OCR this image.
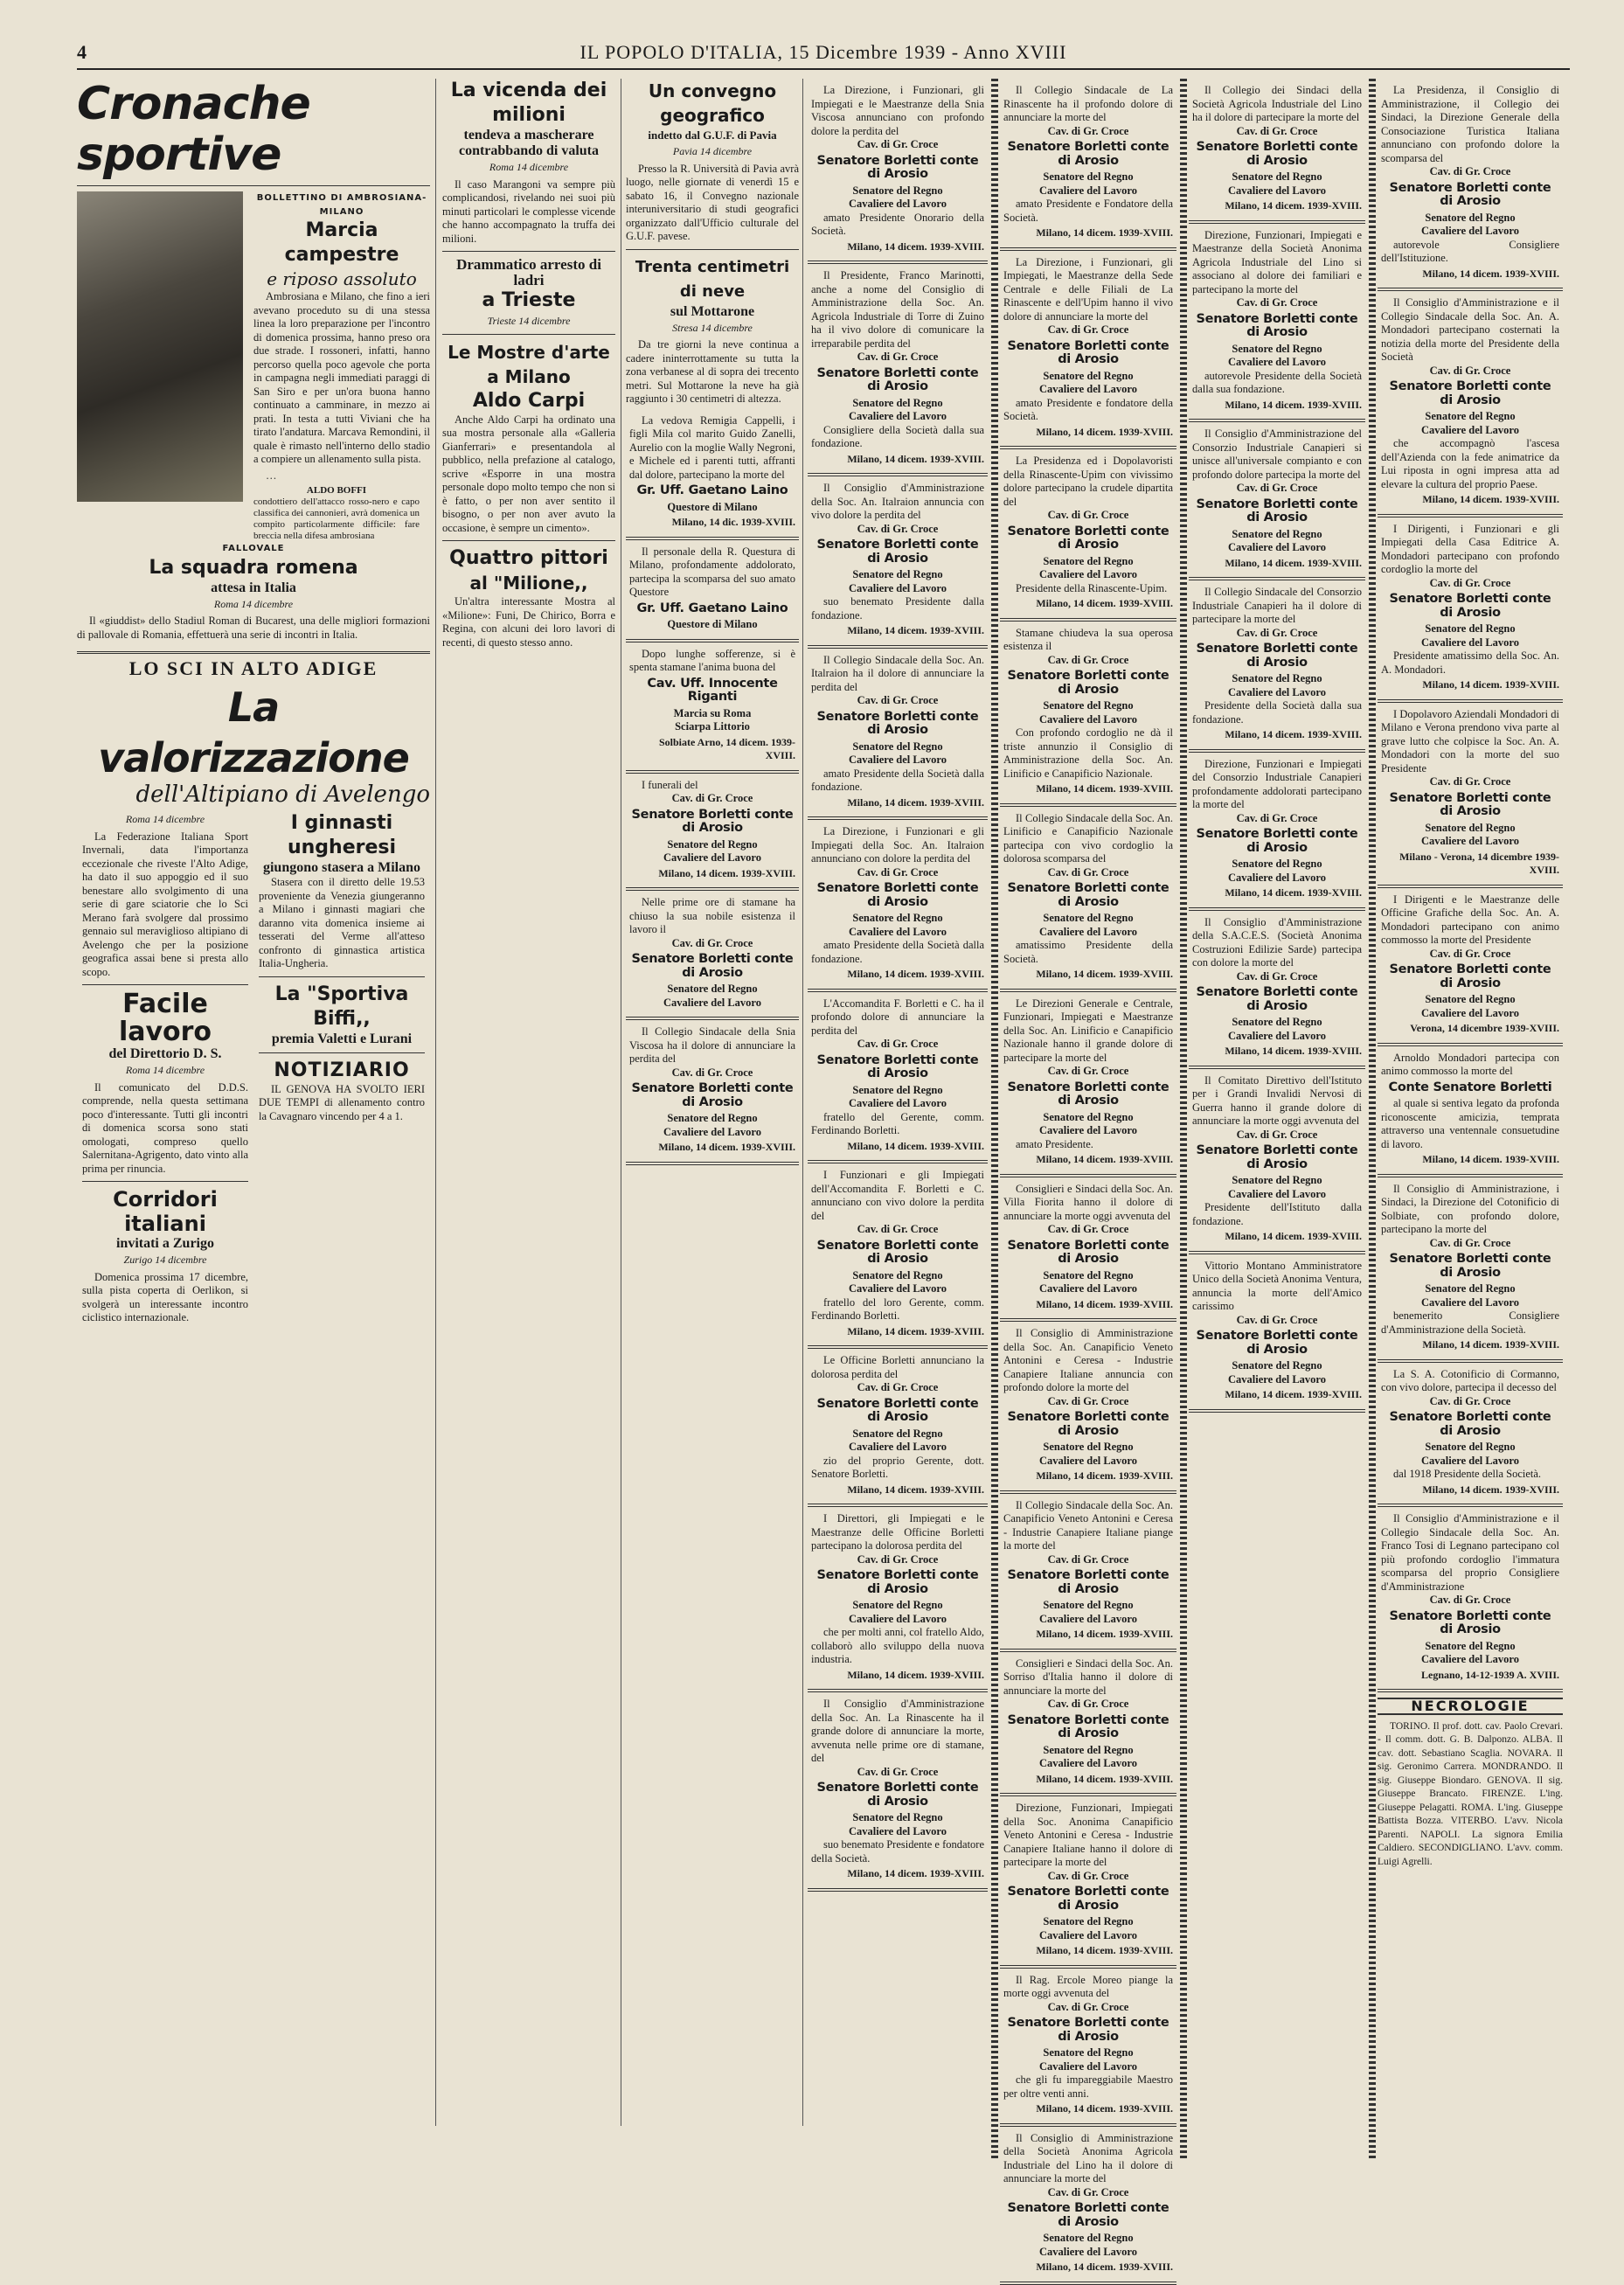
4	IL POPOLO D'ITALIA, 15 Dicembre 1939 - Anno XVIII
Cronache sportive
BOLLETTINO DI AMBROSIANA-MILANO
Marcia campestre
e riposo assoluto

Ambrosiana e Milano, che fino a ieri avevano proceduto su di una stessa linea la loro preparazione per l'incontro di domenica prossima, hanno preso ora due strade. I rossoneri, infatti, hanno percorso quella poco agevole che porta in campagna negli immediati paraggi di San Siro e per un'ora buona hanno continuato a camminare, in mezzo ai prati. In testa a tutti Viviani che ha tirato l'andatura. Marcava Remondini, il quale è rimasto nell'interno dello stadio a compiere un allenamento sulla pista.

…

ALDO BOFFI
condottiero dell'attacco rosso-nero e capo classifica dei cannonieri, avrà domenica un compito particolarmente difficile: fare breccia nella difesa ambrosiana
FALLOVALE
La squadra romena
attesa in Italia
Roma 14 dicembre

Il «giuddist» dello Stadiul Roman di Bucarest, una delle migliori formazioni di pallovale di Romania, effettuerà una serie di incontri in Italia.

LO SCI IN ALTO ADIGE
La valorizzazione
dell'Altipiano di Avelengo
Roma 14 dicembre

La Federazione Italiana Sport Invernali, data l'importanza eccezionale che riveste l'Alto Adige, ha dato il suo appoggio ed il suo benestare allo svolgimento di una serie di gare sciatorie che lo Sci Merano farà svolgere dal prossimo gennaio sul meraviglioso altipiano di Avelengo che per la posizione geografica assai bene si presta allo scopo.

Facile lavoro
del Direttorio D. S.
Roma 14 dicembre

Il comunicato del D.D.S. comprende, nella questa settimana poco d'interessante. Tutti gli incontri di domenica scorsa sono stati omologati, compreso quello Salernitana-Agrigento, dato vinto alla prima per rinuncia.

Corridori italiani
invitati a Zurigo
Zurigo 14 dicembre

Domenica prossima 17 dicembre, sulla pista coperta di Oerlikon, si svolgerà un interessante incontro ciclistico internazionale.

I ginnasti ungheresi
giungono stasera a Milano

Stasera con il diretto delle 19.53 proveniente da Venezia giungeranno a Milano i ginnasti magiari che daranno vita domenica insieme ai tesserati del Verme all'atteso confronto di ginnastica artistica Italia-Ungheria.

La "Sportiva Biffi,,
premia Valetti e Lurani
NOTIZIARIO

IL GENOVA HA SVOLTO IERI DUE TEMPI di allenamento contro la Cavagnaro vincendo per 4 a 1.

La vicenda dei milioni
tendeva a mascherare
contrabbando di valuta
Roma 14 dicembre

Il caso Marangoni va sempre più complicandosi, rivelando nei suoi più minuti particolari le complesse vicende che hanno accompagnato la truffa dei milioni.

Drammatico arresto di ladri
a Trieste
Trieste 14 dicembre
Le Mostre d'arte a Milano
Aldo Carpi

Anche Aldo Carpi ha ordinato una sua mostra personale alla «Galleria Gianferrari» e presentandola al pubblico, nella prefazione al catalogo, scrive «Esporre in una mostra personale dopo molto tempo che non si è fatto, o per non aver sentito il bisogno, o per non aver avuto la occasione, è sempre un cimento».

Quattro pittori
al "Milione,,

Un'altra interessante Mostra al «Milione»: Funi, De Chirico, Borra e Regina, con alcuni dei loro lavori di recenti, di questo stesso anno.

Un convegno geografico
indetto dal G.U.F. di Pavia
Pavia 14 dicembre

Presso la R. Università di Pavia avrà luogo, nelle giornate di venerdì 15 e sabato 16, il Convegno nazionale interuniversitario di studi geografici organizzato dall'Ufficio culturale del G.U.F. pavese.

Trenta centimetri di neve
sul Mottarone
Stresa 14 dicembre

Da tre giorni la neve continua a cadere ininterrottamente su tutta la zona verbanese al di sopra dei trecento metri. Sul Mottarone la neve ha già raggiunto i 30 centimetri di altezza.

La vedova Remigia Cappelli, i figli Mila col marito Guido Zanelli, Aurelio con la moglie Wally Negroni, e Michele ed i parenti tutti, affranti dal dolore, partecipano la morte del

Gr. Uff. Gaetano Laino
Questore di Milano
Milano, 14 dic. 1939-XVIII.

Il personale della R. Questura di Milano, profondamente addolorato, partecipa la scomparsa del suo amato Questore

Gr. Uff. Gaetano Laino
Questore di Milano

Dopo lunghe sofferenze, si è spenta stamane l'anima buona del

Cav. Uff. Innocente Riganti
Marcia su Roma
Sciarpa Littorio
Solbiate Arno, 14 dicem. 1939-XVIII.

I funerali del

Cav. di Gr. Croce
Senatore Borletti conte di Arosio
Senatore del Regno
Cavaliere del Lavoro
Milano, 14 dicem. 1939-XVIII.

Nelle prime ore di stamane ha chiuso la sua nobile esistenza il lavoro il

Cav. di Gr. Croce
Senatore Borletti conte di Arosio
Senatore del Regno
Cavaliere del Lavoro

Il Collegio Sindacale della Snia Viscosa ha il dolore di annunciare la perdita del

Cav. di Gr. Croce
Senatore Borletti conte di Arosio
Senatore del Regno
Cavaliere del Lavoro
Milano, 14 dicem. 1939-XVIII.

La Direzione, i Funzionari, gli Impiegati e le Maestranze della Snia Viscosa annunciano con profondo dolore la perdita del

Cav. di Gr. Croce
Senatore Borletti conte di Arosio
Senatore del Regno
Cavaliere del Lavoro

amato Presidente Onorario della Società.

Milano, 14 dicem. 1939-XVIII.

Il Presidente, Franco Marinotti, anche a nome del Consiglio di Amministrazione della Soc. An. Agricola Industriale di Torre di Zuino ha il vivo dolore di comunicare la irreparabile perdita del

Cav. di Gr. Croce
Senatore Borletti conte di Arosio
Senatore del Regno
Cavaliere del Lavoro

Consigliere della Società dalla sua fondazione.

Milano, 14 dicem. 1939-XVIII.

Il Consiglio d'Amministrazione della Soc. An. Italraion annuncia con vivo dolore la perdita del

Cav. di Gr. Croce
Senatore Borletti conte di Arosio
Senatore del Regno
Cavaliere del Lavoro

suo benemato Presidente dalla fondazione.

Milano, 14 dicem. 1939-XVIII.

Il Collegio Sindacale della Soc. An. Italraion ha il dolore di annunciare la perdita del

Cav. di Gr. Croce
Senatore Borletti conte di Arosio
Senatore del Regno
Cavaliere del Lavoro

amato Presidente della Società dalla fondazione.

Milano, 14 dicem. 1939-XVIII.

La Direzione, i Funzionari e gli Impiegati della Soc. An. Italraion annunciano con dolore la perdita del

Cav. di Gr. Croce
Senatore Borletti conte di Arosio
Senatore del Regno
Cavaliere del Lavoro

amato Presidente della Società dalla fondazione.

Milano, 14 dicem. 1939-XVIII.

L'Accomandita F. Borletti e C. ha il profondo dolore di annunciare la perdita del

Cav. di Gr. Croce
Senatore Borletti conte di Arosio
Senatore del Regno
Cavaliere del Lavoro

fratello del Gerente, comm. Ferdinando Borletti.

Milano, 14 dicem. 1939-XVIII.

I Funzionari e gli Impiegati dell'Accomandita F. Borletti e C. annunciano con vivo dolore la perdita del

Cav. di Gr. Croce
Senatore Borletti conte di Arosio
Senatore del Regno
Cavaliere del Lavoro

fratello del loro Gerente, comm. Ferdinando Borletti.

Milano, 14 dicem. 1939-XVIII.

Le Officine Borletti annunciano la dolorosa perdita del

Cav. di Gr. Croce
Senatore Borletti conte di Arosio
Senatore del Regno
Cavaliere del Lavoro

zio del proprio Gerente, dott. Senatore Borletti.

Milano, 14 dicem. 1939-XVIII.

I Direttori, gli Impiegati e le Maestranze delle Officine Borletti partecipano la dolorosa perdita del

Cav. di Gr. Croce
Senatore Borletti conte di Arosio
Senatore del Regno
Cavaliere del Lavoro

che per molti anni, col fratello Aldo, collaborò allo sviluppo della nuova industria.

Milano, 14 dicem. 1939-XVIII.

Il Consiglio d'Amministrazione della Soc. An. La Rinascente ha il grande dolore di annunciare la morte, avvenuta nelle prime ore di stamane, del

Cav. di Gr. Croce
Senatore Borletti conte di Arosio
Senatore del Regno
Cavaliere del Lavoro

suo benemato Presidente e fondatore della Società.

Milano, 14 dicem. 1939-XVIII.

Il Collegio Sindacale de La Rinascente ha il profondo dolore di annunciare la morte del

Cav. di Gr. Croce
Senatore Borletti conte di Arosio
Senatore del Regno
Cavaliere del Lavoro

amato Presidente e Fondatore della Società.

Milano, 14 dicem. 1939-XVIII.

La Direzione, i Funzionari, gli Impiegati, le Maestranze della Sede Centrale e delle Filiali de La Rinascente e dell'Upim hanno il vivo dolore di annunciare la morte del

Cav. di Gr. Croce
Senatore Borletti conte di Arosio
Senatore del Regno
Cavaliere del Lavoro

amato Presidente e fondatore della Società.

Milano, 14 dicem. 1939-XVIII.

La Presidenza ed i Dopolavoristi della Rinascente-Upim con vivissimo dolore partecipano la crudele dipartita del

Cav. di Gr. Croce
Senatore Borletti conte di Arosio
Senatore del Regno
Cavaliere del Lavoro

Presidente della Rinascente-Upim.

Milano, 14 dicem. 1939-XVIII.

Stamane chiudeva la sua operosa esistenza il

Cav. di Gr. Croce
Senatore Borletti conte di Arosio
Senatore del Regno
Cavaliere del Lavoro

Con profondo cordoglio ne dà il triste annunzio il Consiglio di Amministrazione della Soc. An. Linificio e Canapificio Nazionale.

Milano, 14 dicem. 1939-XVIII.

Il Collegio Sindacale della Soc. An. Linificio e Canapificio Nazionale partecipa con vivo cordoglio la dolorosa scomparsa del

Cav. di Gr. Croce
Senatore Borletti conte di Arosio
Senatore del Regno
Cavaliere del Lavoro

amatissimo Presidente della Società.

Milano, 14 dicem. 1939-XVIII.

Le Direzioni Generale e Centrale, Funzionari, Impiegati e Maestranze della Soc. An. Linificio e Canapificio Nazionale hanno il grande dolore di partecipare la morte del

Cav. di Gr. Croce
Senatore Borletti conte di Arosio
Senatore del Regno
Cavaliere del Lavoro

amato Presidente.

Milano, 14 dicem. 1939-XVIII.

Consiglieri e Sindaci della Soc. An. Villa Fiorita hanno il dolore di annunciare la morte oggi avvenuta del

Cav. di Gr. Croce
Senatore Borletti conte di Arosio
Senatore del Regno
Cavaliere del Lavoro
Milano, 14 dicem. 1939-XVIII.

Il Consiglio di Amministrazione della Soc. An. Canapificio Veneto Antonini e Ceresa - Industrie Canapiere Italiane annuncia con profondo dolore la morte del

Cav. di Gr. Croce
Senatore Borletti conte di Arosio
Senatore del Regno
Cavaliere del Lavoro
Milano, 14 dicem. 1939-XVIII.

Il Collegio Sindacale della Soc. An. Canapificio Veneto Antonini e Ceresa - Industrie Canapiere Italiane piange la morte del

Cav. di Gr. Croce
Senatore Borletti conte di Arosio
Senatore del Regno
Cavaliere del Lavoro
Milano, 14 dicem. 1939-XVIII.

Consiglieri e Sindaci della Soc. An. Sorriso d'Italia hanno il dolore di annunciare la morte del

Cav. di Gr. Croce
Senatore Borletti conte di Arosio
Senatore del Regno
Cavaliere del Lavoro
Milano, 14 dicem. 1939-XVIII.

Direzione, Funzionari, Impiegati della Soc. Anonima Canapificio Veneto Antonini e Ceresa - Industrie Canapiere Italiane hanno il dolore di partecipare la morte del

Cav. di Gr. Croce
Senatore Borletti conte di Arosio
Senatore del Regno
Cavaliere del Lavoro
Milano, 14 dicem. 1939-XVIII.

Il Rag. Ercole Moreo piange la morte oggi avvenuta del

Cav. di Gr. Croce
Senatore Borletti conte di Arosio
Senatore del Regno
Cavaliere del Lavoro

che gli fu impareggiabile Maestro per oltre venti anni.

Milano, 14 dicem. 1939-XVIII.

Il Consiglio di Amministrazione della Società Anonima Agricola Industriale del Lino ha il dolore di annunciare la morte del

Cav. di Gr. Croce
Senatore Borletti conte di Arosio
Senatore del Regno
Cavaliere del Lavoro
Milano, 14 dicem. 1939-XVIII.

Il Collegio dei Sindaci della Società Agricola Industriale del Lino ha il dolore di partecipare la morte del

Cav. di Gr. Croce
Senatore Borletti conte di Arosio
Senatore del Regno
Cavaliere del Lavoro
Milano, 14 dicem. 1939-XVIII.

Direzione, Funzionari, Impiegati e Maestranze della Società Anonima Agricola Industriale del Lino si associano al dolore dei familiari e partecipano la morte del

Cav. di Gr. Croce
Senatore Borletti conte di Arosio
Senatore del Regno
Cavaliere del Lavoro

autorevole Presidente della Società dalla sua fondazione.

Milano, 14 dicem. 1939-XVIII.

Il Consiglio d'Amministrazione del Consorzio Industriale Canapieri si unisce all'universale compianto e con profondo dolore partecipa la morte del

Cav. di Gr. Croce
Senatore Borletti conte di Arosio
Senatore del Regno
Cavaliere del Lavoro
Milano, 14 dicem. 1939-XVIII.

Il Collegio Sindacale del Consorzio Industriale Canapieri ha il dolore di partecipare la morte del

Cav. di Gr. Croce
Senatore Borletti conte di Arosio
Senatore del Regno
Cavaliere del Lavoro

Presidente della Società dalla sua fondazione.

Milano, 14 dicem. 1939-XVIII.

Direzione, Funzionari e Impiegati del Consorzio Industriale Canapieri profondamente addolorati partecipano la morte del

Cav. di Gr. Croce
Senatore Borletti conte di Arosio
Senatore del Regno
Cavaliere del Lavoro
Milano, 14 dicem. 1939-XVIII.

Il Consiglio d'Amministrazione della S.A.C.E.S. (Società Anonima Costruzioni Edilizie Sarde) partecipa con dolore la morte del

Cav. di Gr. Croce
Senatore Borletti conte di Arosio
Senatore del Regno
Cavaliere del Lavoro
Milano, 14 dicem. 1939-XVIII.

Il Comitato Direttivo dell'Istituto per i Grandi Invalidi Nervosi di Guerra hanno il grande dolore di annunciare la morte oggi avvenuta del

Cav. di Gr. Croce
Senatore Borletti conte di Arosio
Senatore del Regno
Cavaliere del Lavoro

Presidente dell'Istituto dalla fondazione.

Milano, 14 dicem. 1939-XVIII.

Vittorio Montano Amministratore Unico della Società Anonima Ventura, annuncia la morte dell'Amico carissimo

Cav. di Gr. Croce
Senatore Borletti conte di Arosio
Senatore del Regno
Cavaliere del Lavoro
Milano, 14 dicem. 1939-XVIII.

La Presidenza, il Consiglio di Amministrazione, il Collegio dei Sindaci, la Direzione Generale della Consociazione Turistica Italiana annunciano con profondo dolore la scomparsa del

Cav. di Gr. Croce
Senatore Borletti conte di Arosio
Senatore del Regno
Cavaliere del Lavoro

autorevole Consigliere dell'Istituzione.

Milano, 14 dicem. 1939-XVIII.

Il Consiglio d'Amministrazione e il Collegio Sindacale della Soc. An. A. Mondadori partecipano costernati la notizia della morte del Presidente della Società

Cav. di Gr. Croce
Senatore Borletti conte di Arosio
Senatore del Regno
Cavaliere del Lavoro

che accompagnò l'ascesa dell'Azienda con la fede animatrice da Lui riposta in ogni impresa atta ad elevare la cultura del proprio Paese.

Milano, 14 dicem. 1939-XVIII.

I Dirigenti, i Funzionari e gli Impiegati della Casa Editrice A. Mondadori partecipano con profondo cordoglio la morte del

Cav. di Gr. Croce
Senatore Borletti conte di Arosio
Senatore del Regno
Cavaliere del Lavoro

Presidente amatissimo della Soc. An. A. Mondadori.

Milano, 14 dicem. 1939-XVIII.

I Dopolavoro Aziendali Mondadori di Milano e Verona prendono viva parte al grave lutto che colpisce la Soc. An. A. Mondadori con la morte del suo Presidente

Cav. di Gr. Croce
Senatore Borletti conte di Arosio
Senatore del Regno
Cavaliere del Lavoro
Milano - Verona, 14 dicembre 1939-XVIII.

I Dirigenti e le Maestranze delle Officine Grafiche della Soc. An. A. Mondadori partecipano con animo commosso la morte del Presidente

Cav. di Gr. Croce
Senatore Borletti conte di Arosio
Senatore del Regno
Cavaliere del Lavoro
Verona, 14 dicembre 1939-XVIII.

Arnoldo Mondadori partecipa con animo commosso la morte del

Conte Senatore Borletti

al quale si sentiva legato da profonda riconoscente amicizia, temprata attraverso una ventennale consuetudine di lavoro.

Milano, 14 dicem. 1939-XVIII.

Il Consiglio di Amministrazione, i Sindaci, la Direzione del Cotonificio di Solbiate, con profondo dolore, partecipano la morte del

Cav. di Gr. Croce
Senatore Borletti conte di Arosio
Senatore del Regno
Cavaliere del Lavoro

benemerito Consigliere d'Amministrazione della Società.

Milano, 14 dicem. 1939-XVIII.

La S. A. Cotonificio di Cormanno, con vivo dolore, partecipa il decesso del

Cav. di Gr. Croce
Senatore Borletti conte di Arosio
Senatore del Regno
Cavaliere del Lavoro

dal 1918 Presidente della Società.

Milano, 14 dicem. 1939-XVIII.

Il Consiglio d'Amministrazione e il Collegio Sindacale della Soc. An. Franco Tosi di Legnano partecipano col più profondo cordoglio l'immatura scomparsa del proprio Consigliere d'Amministrazione

Cav. di Gr. Croce
Senatore Borletti conte di Arosio
Senatore del Regno
Cavaliere del Lavoro
Legnano, 14-12-1939 A. XVIII.
NECROLOGIE

TORINO. Il prof. dott. cav. Paolo Crevari. - Il comm. dott. G. B. Dalponzo. ALBA. Il cav. dott. Sebastiano Scaglia. NOVARA. Il sig. Geronimo Carrera. MONDRANDO. Il sig. Giuseppe Biondaro. GENOVA. Il sig. Giuseppe Brancato. FIRENZE. L'ing. Giuseppe Pelagatti. ROMA. L'ing. Giuseppe Battista Bozza. VITERBO. L'avv. Nicola Parenti. NAPOLI. La signora Emilia Caldiero. SECONDIGLIANO. L'avv. comm. Luigi Agrelli.
